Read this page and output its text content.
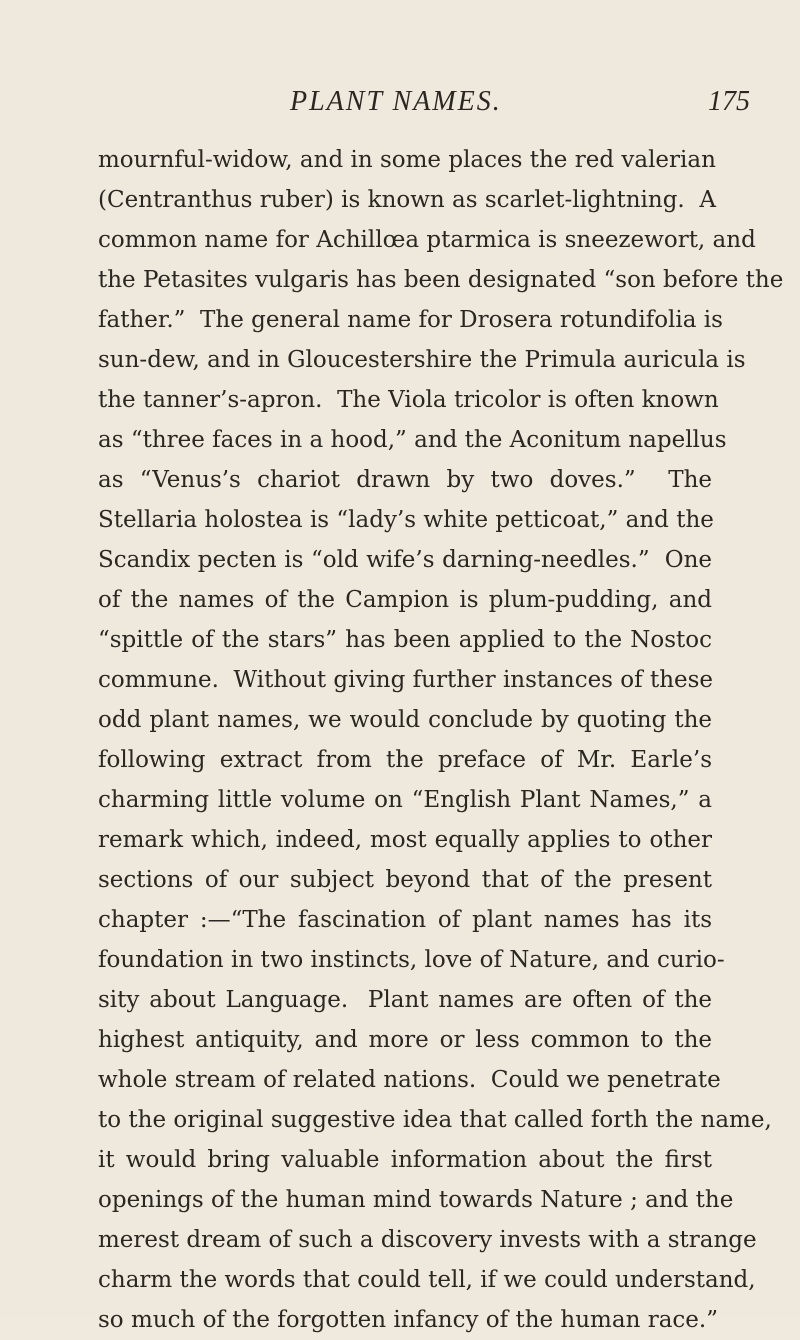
PLANT NAMES.	175
mournful-widow, and in some places the red valerian
(Centranthus ruber) is known as scarlet-lightning.  A
common name for Achillœa ptarmica is sneezewort, and
the Petasites vulgaris has been designated “son before the
father.”  The general name for Drosera rotundifolia is
sun-dew, and in Gloucestershire the Primula auricula is
the tanner’s-apron.  The Viola tricolor is often known
as “three faces in a hood,” and the Aconitum napellus
as “Venus’s chariot drawn by two doves.”  The
Stellaria holostea is “lady’s white petticoat,” and the
Scandix pecten is “old wife’s darning-needles.”  One
of the names of the Campion is plum-pudding, and
“spittle of the stars” has been applied to the Nostoc
commune.  Without giving further instances of these
odd plant names, we would conclude by quoting the
following extract from the preface of Mr. Earle’s
charming little volume on “English Plant Names,” a
remark which, indeed, most equally applies to other
sections of our subject beyond that of the present
chapter :—“The fascination of plant names has its
foundation in two instincts, love of Nature, and curio-
sity about Language.  Plant names are often of the
highest antiquity, and more or less common to the
whole stream of related nations.  Could we penetrate
to the original suggestive idea that called forth the name,
it would bring valuable information about the first
openings of the human mind towards Nature ; and the
merest dream of such a discovery invests with a strange
charm the words that could tell, if we could understand,
so much of the forgotten infancy of the human race.”
